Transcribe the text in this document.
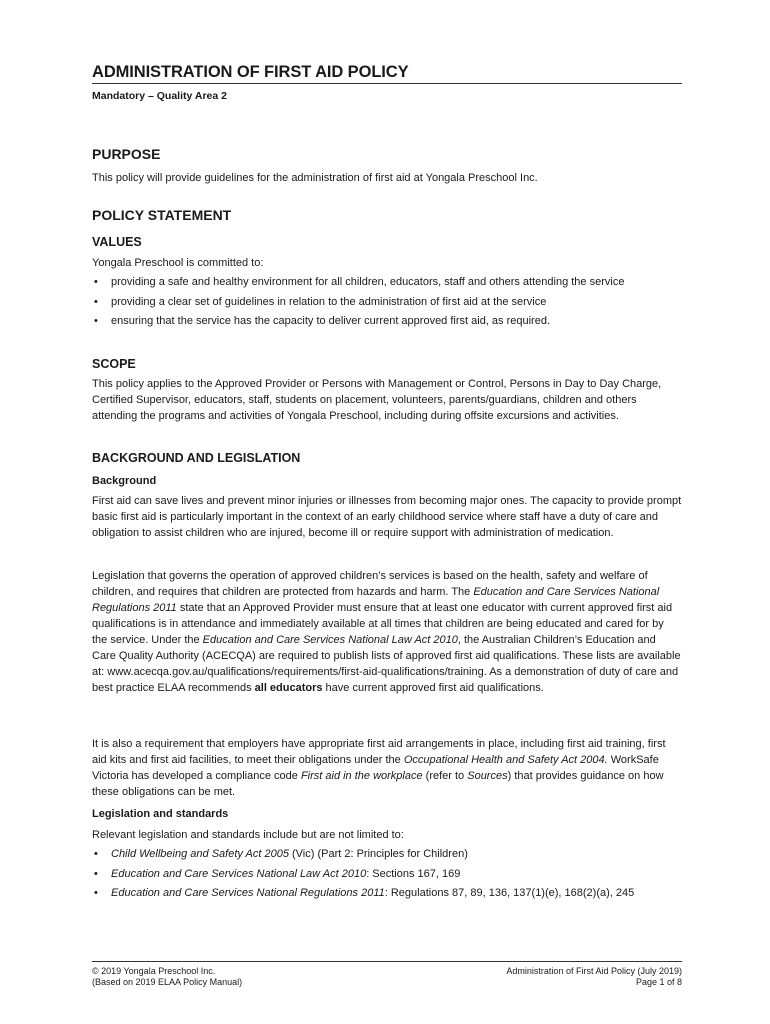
ADMINISTRATION OF FIRST AID POLICY

Mandatory – Quality Area 2

PURPOSE

This policy will provide guidelines for the administration of first aid at Yongala Preschool Inc.

POLICY STATEMENT
VALUES

Yongala Preschool is committed to:

• providing a safe and healthy environment for all children, educators, staff and others attending the service
• providing a clear set of guidelines in relation to the administration of first aid at the service
• ensuring that the service has the capacity to deliver current approved first aid, as required.
SCOPE

This policy applies to the Approved Provider or Persons with Management or Control, Persons in Day to Day Charge, Certified Supervisor, educators, staff, students on placement, volunteers, parents/guardians, children and others attending the programs and activities of Yongala Preschool, including during offsite excursions and activities.

BACKGROUND AND LEGISLATION
Background

First aid can save lives and prevent minor injuries or illnesses from becoming major ones. The capacity to provide prompt basic first aid is particularly important in the context of an early childhood service where staff have a duty of care and obligation to assist children who are injured, become ill or require support with administration of medication.

Legislation that governs the operation of approved children’s services is based on the health, safety and welfare of children, and requires that children are protected from hazards and harm. The Education and Care Services National Regulations 2011 state that an Approved Provider must ensure that at least one educator with current approved first aid qualifications is in attendance and immediately available at all times that children are being educated and cared for by the service. Under the Education and Care Services National Law Act 2010, the Australian Children’s Education and Care Quality Authority (ACECQA) are required to publish lists of approved first aid qualifications. These lists are available at: www.acecqa.gov.au/qualifications/requirements/first-aid-qualifications/training. As a demonstration of duty of care and best practice ELAA recommends all educators have current approved first aid qualifications.

It is also a requirement that employers have appropriate first aid arrangements in place, including first aid training, first aid kits and first aid facilities, to meet their obligations under the Occupational Health and Safety Act 2004. WorkSafe Victoria has developed a compliance code First aid in the workplace (refer to Sources) that provides guidance on how these obligations can be met.

Legislation and standards

Relevant legislation and standards include but are not limited to:

• Child Wellbeing and Safety Act 2005 (Vic) (Part 2: Principles for Children)
• Education and Care Services National Law Act 2010: Sections 167, 169
• Education and Care Services National Regulations 2011: Regulations 87, 89, 136, 137(1)(e), 168(2)(a), 245
© 2019 Yongala Preschool Inc.
(Based on 2019 ELAA Policy Manual)
Administration of First Aid Policy (July 2019)
Page 1 of 8
